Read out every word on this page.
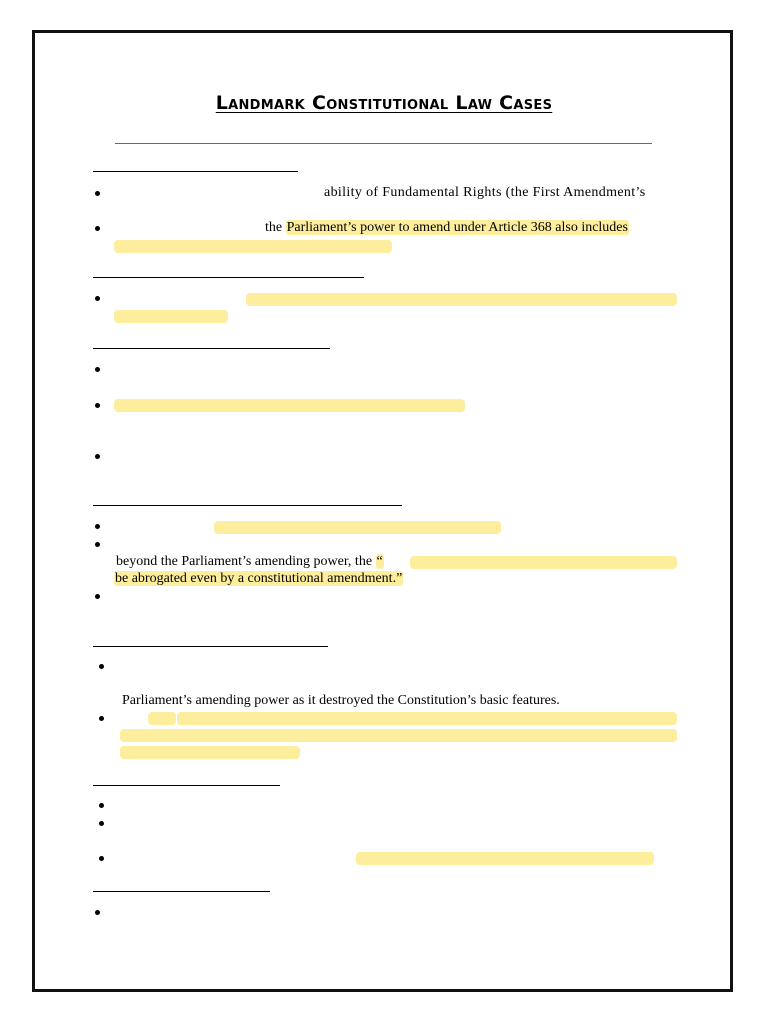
Landmark Constitutional Law Cases
ability of Fundamental Rights (the First Amendment’s
the Parliament’s power to amend under Article 368 also includes
beyond the Parliament’s amending power, the “
be abrogated even by a constitutional amendment.”
Parliament’s amending power as it destroyed the Constitution’s basic features.
